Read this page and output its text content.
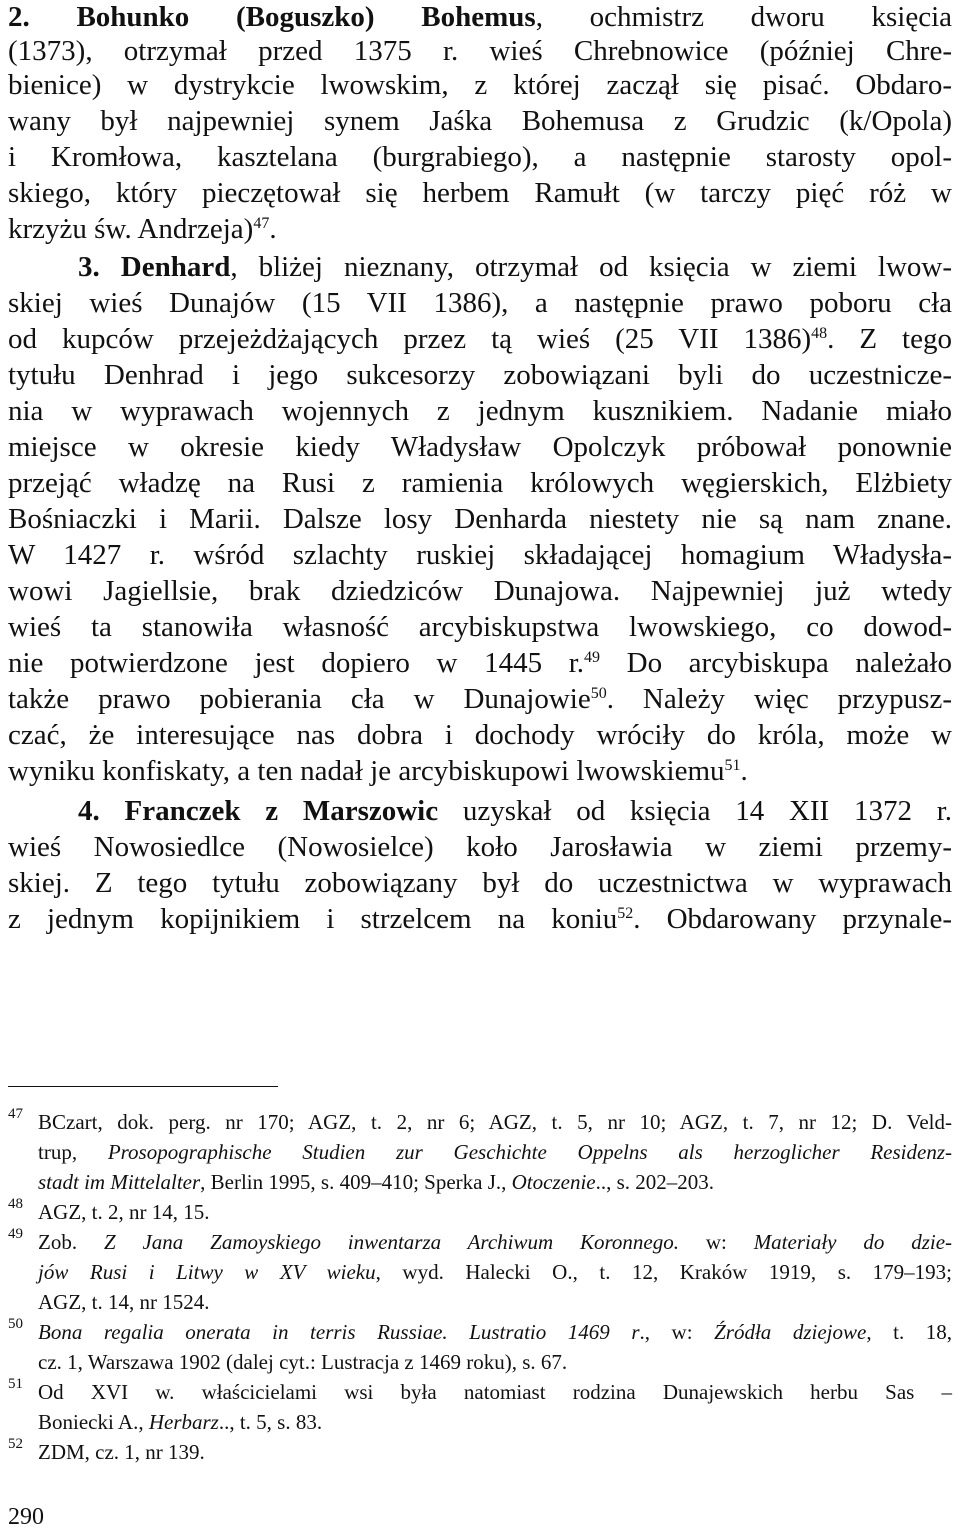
2. Bohunko (Boguszko) Bohemus, ochmistrz dworu księcia
(1373), otrzymał przed 1375 r. wieś Chrebnowice (później Chre-
bienice) w dystrykcie lwowskim, z której zaczął się pisać. Obdaro-
wany był najpewniej synem Jaśka Bohemusa z Grudzic (k/Opola)
i Kromłowa, kasztelana (burgrabiego), a następnie starosty opol-
skiego, który pieczętował się herbem Ramułt (w tarczy pięć róż w
krzyżu św. Andrzeja)$^{47}$.
3. Denhard, bliżej nieznany, otrzymał od księcia w ziemi lwow-
skiej wieś Dunajów (15 VII 1386), a następnie prawo poboru cła
od kupców przejeżdżających przez tą wieś (25 VII 1386)$^{48}$. Z tego
tytułu Denhrad i jego sukcesorzy zobowiązani byli do uczestnicze-
nia w wyprawach wojennych z jednym kusznikiem. Nadanie miało
miejsce w okresie kiedy Władysław Opolczyk próbował ponownie
przejąć władzę na Rusi z ramienia królowych węgierskich, Elżbiety
Bośniaczki i Marii. Dalsze losy Denharda niestety nie są nam znane.
W 1427 r. wśród szlachty ruskiej składającej homagium Władysła-
wowi Jagiellsie, brak dziedziców Dunajowa. Najpewniej już wtedy
wieś ta stanowiła własność arcybiskupstwa lwowskiego, co dowod-
nie potwierdzone jest dopiero w 1445 r.$^{49}$ Do arcybiskupa należało
także prawo pobierania cła w Dunajowie$^{50}$. Należy więc przypusz-
czać, że interesujące nas dobra i dochody wróciły do króla, może w
wyniku konfiskaty, a ten nadał je arcybiskupowi lwowskiemu$^{51}$.
4. Franczek z Marszowic uzyskał od księcia 14 XII 1372 r.
wieś Nowosiedlce (Nowosielce) koło Jarosławia w ziemi przemy-
skiej. Z tego tytułu zobowiązany był do uczestnictwa w wyprawach
z jednym kopijnikiem i strzelcem na koniu$^{52}$. Obdarowany przynale-
47 BCzart, dok. perg. nr 170; AGZ, t. 2, nr 6; AGZ, t. 5, nr 10; AGZ, t. 7, nr 12; D. Veld-
trup, Prosopographische Studien zur Geschichte Oppelns als herzoglicher Residenz-
stadt im Mittelalter, Berlin 1995, s. 409–410; Sperka J., Otoczenie.., s. 202–203.
48 AGZ, t. 2, nr 14, 15.
49 Zob. Z Jana Zamoyskiego inwentarza Archiwum Koronnego. w: Materiały do dzie-
jów Rusi i Litwy w XV wieku, wyd. Halecki O., t. 12, Kraków 1919, s. 179–193;
AGZ, t. 14, nr 1524.
50 Bona regalia onerata in terris Russiae. Lustratio 1469 r., w: Źródła dziejowe, t. 18,
cz. 1, Warszawa 1902 (dalej cyt.: Lustracja z 1469 roku), s. 67.
51 Od XVI w. właścicielami wsi była natomiast rodzina Dunajewskich herbu Sas –
Boniecki A., Herbarz.., t. 5, s. 83.
52 ZDM, cz. 1, nr 139.
290
